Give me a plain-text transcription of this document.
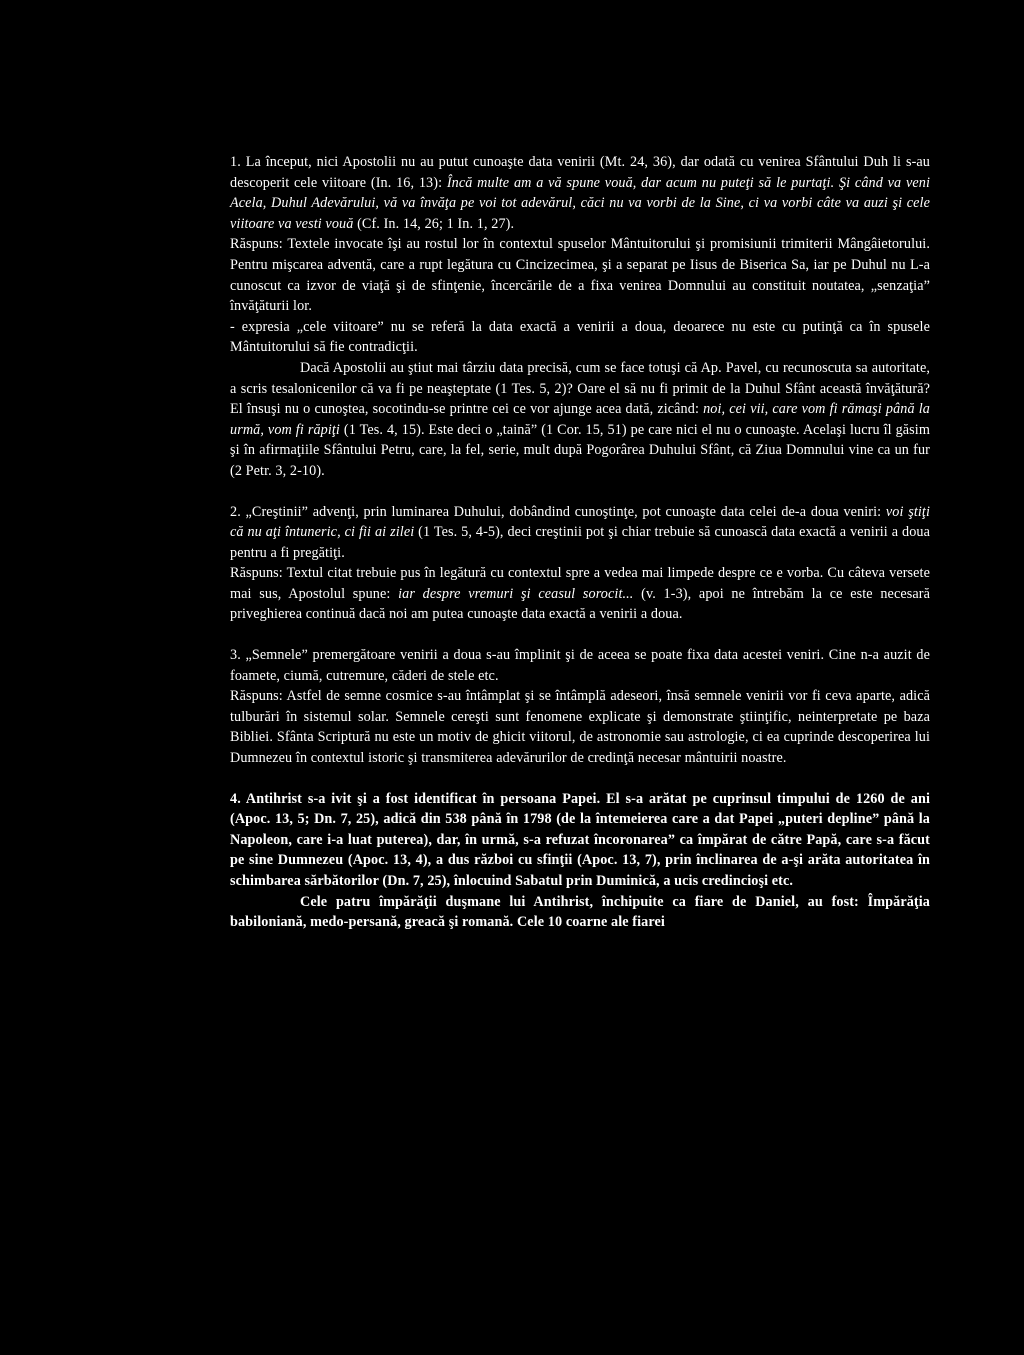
1. La început, nici Apostolii nu au putut cunoaşte data venirii (Mt. 24, 36), dar odată cu venirea Sfântului Duh li s-au descoperit cele viitoare (In. 16, 13): Încă multe am a vă spune vouă, dar acum nu puteţi să le purtaţi. Şi când va veni Acela, Duhul Adevărului, vă va învăţa pe voi tot adevărul, căci nu va vorbi de la Sine, ci va vorbi câte va auzi şi cele viitoare va vesti vouă (Cf. In. 14, 26; 1 In. 1, 27).

Răspuns: Textele invocate îşi au rostul lor în contextul spuselor Mântuitorului şi promisiunii trimiterii Mângâietorului. Pentru mişcarea adventă, care a rupt legătura cu Cincizecimea, şi a separat pe Iisus de Biserica Sa, iar pe Duhul nu L-a cunoscut ca izvor de viaţă şi de sfinţenie, încercările de a fixa venirea Domnului au constituit noutatea, „senzaţia” învăţăturii lor.

- expresia „cele viitoare” nu se referă la data exactă a venirii a doua, deoarece nu este cu putinţă ca în spusele Mântuitorului să fie contradicţii.

Dacă Apostolii au ştiut mai târziu data precisă, cum se face totuşi că Ap. Pavel, cu recunoscuta sa autoritate, a scris tesalonicenilor că va fi pe neaşteptate (1 Tes. 5, 2)? Oare el să nu fi primit de la Duhul Sfânt această învăţătură? El însuşi nu o cunoştea, socotindu-se printre cei ce vor ajunge acea dată, zicând: noi, cei vii, care vom fi rămaşi până la urmă, vom fi răpiţi (1 Tes. 4, 15). Este deci o „taină” (1 Cor. 15, 51) pe care nici el nu o cunoaşte. Acelaşi lucru îl găsim şi în afirmaţiile Sfântului Petru, care, la fel, serie, mult după Pogorârea Duhului Sfânt, că Ziua Domnului vine ca un fur (2 Petr. 3, 2-10).

2. „Creştinii” advenţi, prin luminarea Duhului, dobândind cunoştinţe, pot cunoaşte data celei de-a doua veniri: voi ştiţi că nu aţi întuneric, ci fii ai zilei (1 Tes. 5, 4-5), deci creştinii pot şi chiar trebuie să cunoască data exactă a venirii a doua pentru a fi pregătiţi.

Răspuns: Textul citat trebuie pus în legătură cu contextul spre a vedea mai limpede despre ce e vorba. Cu câteva versete mai sus, Apostolul spune: iar despre vremuri şi ceasul sorocit... (v. 1-3), apoi ne întrebăm la ce este necesară priveghierea continuă dacă noi am putea cunoaşte data exactă a venirii a doua.

3. „Semnele” premergătoare venirii a doua s-au împlinit şi de aceea se poate fixa data acestei veniri. Cine n-a auzit de foamete, ciumă, cutremure, căderi de stele etc.

Răspuns: Astfel de semne cosmice s-au întâmplat şi se întâmplă adeseori, însă semnele venirii vor fi ceva aparte, adică tulburări în sistemul solar. Semnele cereşti sunt fenomene explicate şi demonstrate ştiinţific, neinterpretate pe baza Bibliei. Sfânta Scriptură nu este un motiv de ghicit viitorul, de astronomie sau astrologie, ci ea cuprinde descoperirea lui Dumnezeu în contextul istoric şi transmiterea adevărurilor de credinţă necesar mântuirii noastre.

4. Antihrist s-a ivit şi a fost identificat în persoana Papei. El s-a arătat pe cuprinsul timpului de 1260 de ani (Apoc. 13, 5; Dn. 7, 25), adică din 538 până în 1798 (de la întemeierea care a dat Papei „puteri depline” până la Napoleon, care i-a luat puterea), dar, în urmă, s-a refuzat încoronarea” ca împărat de către Papă, care s-a făcut pe sine Dumnezeu (Apoc. 13, 4), a dus război cu sfinţii (Apoc. 13, 7), prin înclinarea de a-şi arăta autoritatea în schimbarea sărbătorilor (Dn. 7, 25), înlocuind Sabatul prin Duminică, a ucis credincioşi etc.

Cele patru împărăţii duşmane lui Antihrist, închipuite ca fiare de Daniel, au fost: Împărăţia babiloniană, medo-persană, greacă şi romană. Cele 10 coarne ale fiarei
